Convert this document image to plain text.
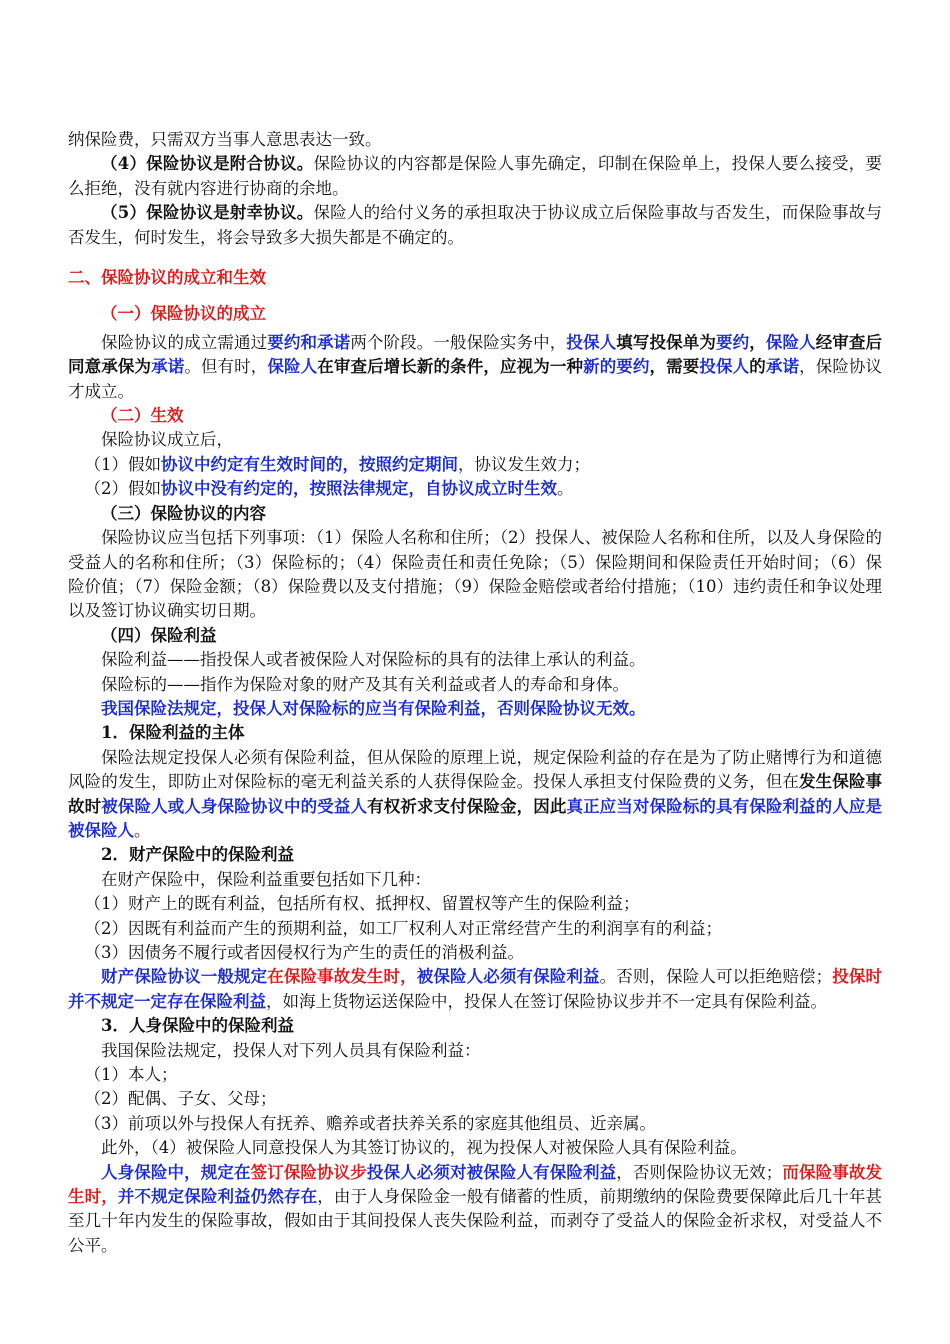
纳保险费，只需双方当事人意思表达一致。

（4）保险协议是附合协议。保险协议的内容都是保险人事先确定，印制在保险单上，投保人要么接受，要么拒绝，没有就内容进行协商的余地。

（5）保险协议是射幸协议。保险人的给付义务的承担取决于协议成立后保险事故与否发生，而保险事故与否发生，何时发生，将会导致多大损失都是不确定的。

二、保险协议的成立和生效

（一）保险协议的成立

保险协议的成立需通过要约和承诺两个阶段。一般保险实务中，投保人填写投保单为要约，保险人经审查后同意承保为承诺。但有时，保险人在审查后增长新的条件，应视为一种新的要约，需要投保人的承诺，保险协议才成立。

（二）生效

保险协议成立后，

（1）假如协议中约定有生效时间的，按照约定期间，协议发生效力；

（2）假如协议中没有约定的，按照法律规定，自协议成立时生效。

（三）保险协议的内容

保险协议应当包括下列事项：（1）保险人名称和住所；（2）投保人、被保险人名称和住所，以及人身保险的受益人的名称和住所；（3）保险标的；（4）保险责任和责任免除；（5）保险期间和保险责任开始时间；（6）保险价值；（7）保险金额；（8）保险费以及支付措施；（9）保险金赔偿或者给付措施；（10）违约责任和争议处理以及签订协议确实切日期。

（四）保险利益

保险利益——指投保人或者被保险人对保险标的具有的法律上承认的利益。

保险标的——指作为保险对象的财产及其有关利益或者人的寿命和身体。

我国保险法规定，投保人对保险标的应当有保险利益，否则保险协议无效。

1．保险利益的主体

保险法规定投保人必须有保险利益，但从保险的原理上说，规定保险利益的存在是为了防止赌博行为和道德风险的发生，即防止对保险标的毫无利益关系的人获得保险金。投保人承担支付保险费的义务，但在发生保险事故时被保险人或人身保险协议中的受益人有权祈求支付保险金，因此真正应当对保险标的具有保险利益的人应是被保险人。

2．财产保险中的保险利益

在财产保险中，保险利益重要包括如下几种：

（1）财产上的既有利益，包括所有权、抵押权、留置权等产生的保险利益；

（2）因既有利益而产生的预期利益，如工厂权利人对正常经营产生的利润享有的利益；

（3）因债务不履行或者因侵权行为产生的责任的消极利益。

财产保险协议一般规定在保险事故发生时，被保险人必须有保险利益。否则，保险人可以拒绝赔偿；投保时并不规定一定存在保险利益，如海上货物运送保险中，投保人在签订保险协议步并不一定具有保险利益。

3．人身保险中的保险利益

我国保险法规定，投保人对下列人员具有保险利益：

（1）本人；

（2）配偶、子女、父母；

（3）前项以外与投保人有抚养、赡养或者扶养关系的家庭其他组员、近亲属。

此外，（4）被保险人同意投保人为其签订协议的，视为投保人对被保险人具有保险利益。

人身保险中，规定在签订保险协议步投保人必须对被保险人有保险利益，否则保险协议无效；而保险事故发生时，并不规定保险利益仍然存在，由于人身保险金一般有储蓄的性质，前期缴纳的保险费要保障此后几十年甚至几十年内发生的保险事故，假如由于其间投保人丧失保险利益，而剥夺了受益人的保险金祈求权，对受益人不公平。
